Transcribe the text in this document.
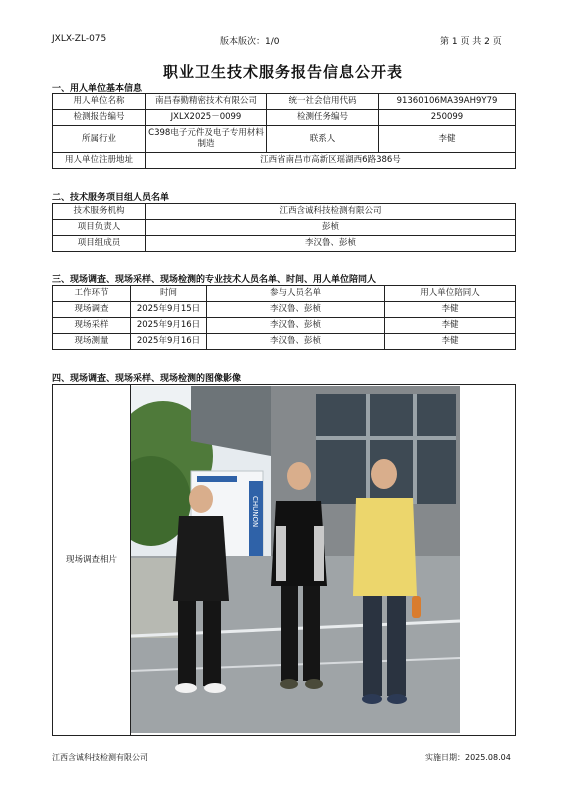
JXLX-ZL-075	版本版次：1/0	第 1 页 共 2 页
职业卫生技术服务报告信息公开表
一、用人单位基本信息
用人单位名称	南昌春勤精密技术有限公司	统一社会信用代码	91360106MA39AH9Y79
检测报告编号	JXLX2025－0099	检测任务编号	250099
所属行业	C398电子元件及电子专用材料制造	联系人	李健
用人单位注册地址	江西省南昌市高新区瑶湖西6路386号		
二、技术服务项目组人员名单
技术服务机构	江西含诚科技检测有限公司
项目负责人	彭桢
项目组成员	李汉鲁、彭桢
三、现场调查、现场采样、现场检测的专业技术人员名单、时间、用人单位陪同人
工作环节	时间	参与人员名单	用人单位陪同人
现场调查	2025年9月15日	李汉鲁、彭桢	李健
现场采样	2025年9月16日	李汉鲁、彭桢	李健
现场测量	2025年9月16日	李汉鲁、彭桢	李健
四、现场调查、现场采样、现场检测的图像影像
现场调查相片	
CHUNON
江西含诚科技检测有限公司	实施日期：2025.08.04
